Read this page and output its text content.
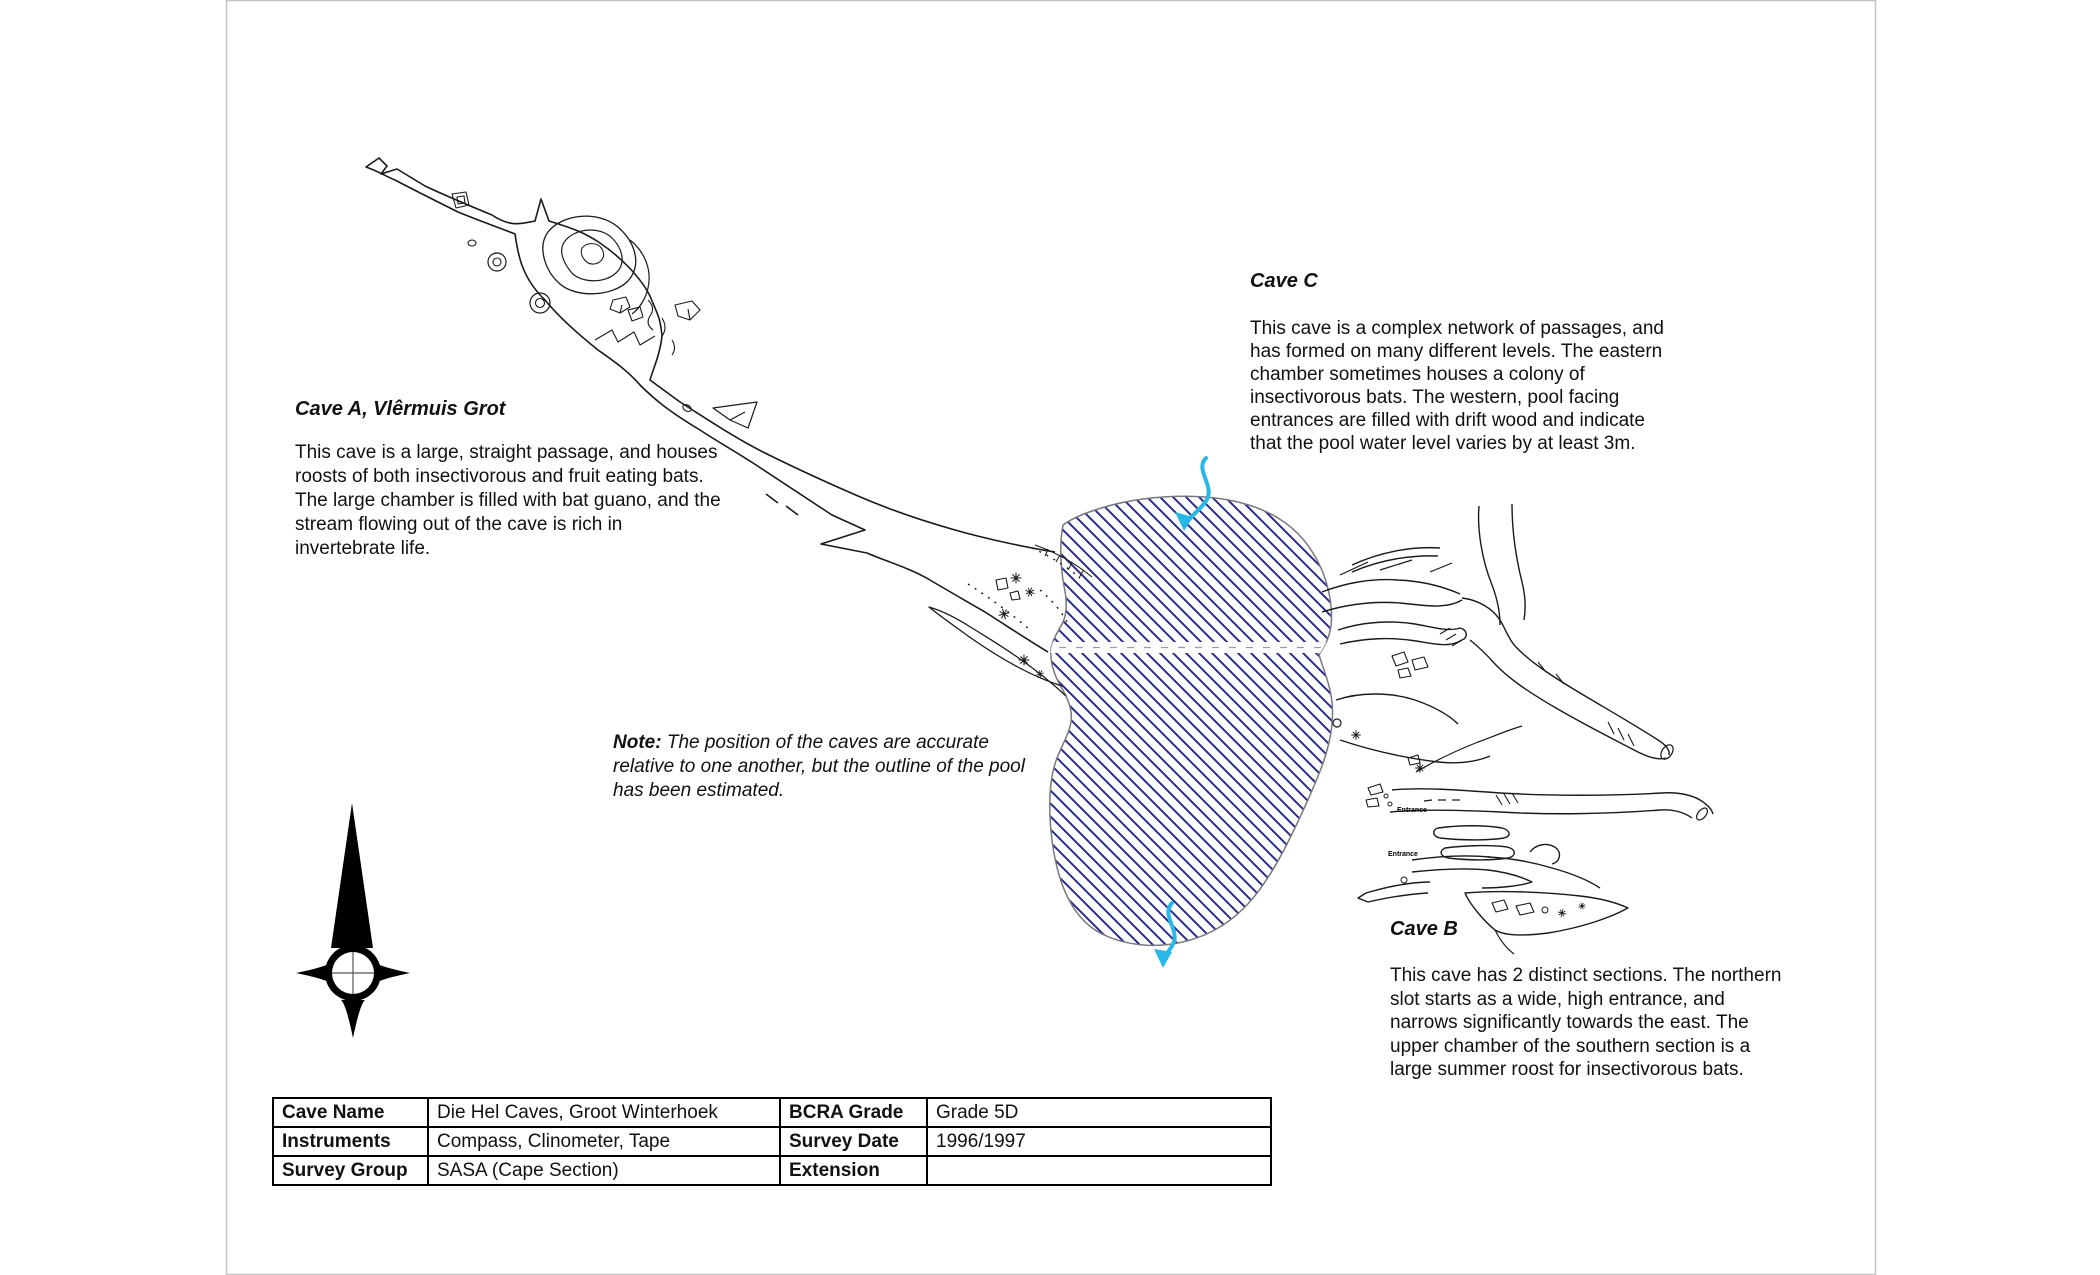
Entrance
Entrance
Cave A, Vlêrmuis Grot
This cave is a large, straight passage, and houses roosts of both insectivorous and fruit eating bats. The large chamber is filled with bat guano, and the stream flowing out of the cave is rich in invertebrate life.
Cave C
This cave is a complex network of passages, and has formed on many different levels. The eastern chamber sometimes houses a colony of insectivorous bats. The western, pool facing entrances are filled with drift wood and indicate that the pool water level varies by at least 3m.
Note: The position of the caves are accurate relative to one another, but the outline of the pool has been estimated.
Cave B
This cave has 2 distinct sections. The northern slot starts as a wide, high entrance, and narrows significantly towards the east. The upper chamber of the southern section is a large summer roost for insectivorous bats.
Cave Name	Die Hel Caves, Groot Winterhoek	BCRA Grade	Grade 5D
Instruments	Compass, Clinometer, Tape	Survey Date	1996/1997
Survey Group	SASA (Cape Section)	Extension	
